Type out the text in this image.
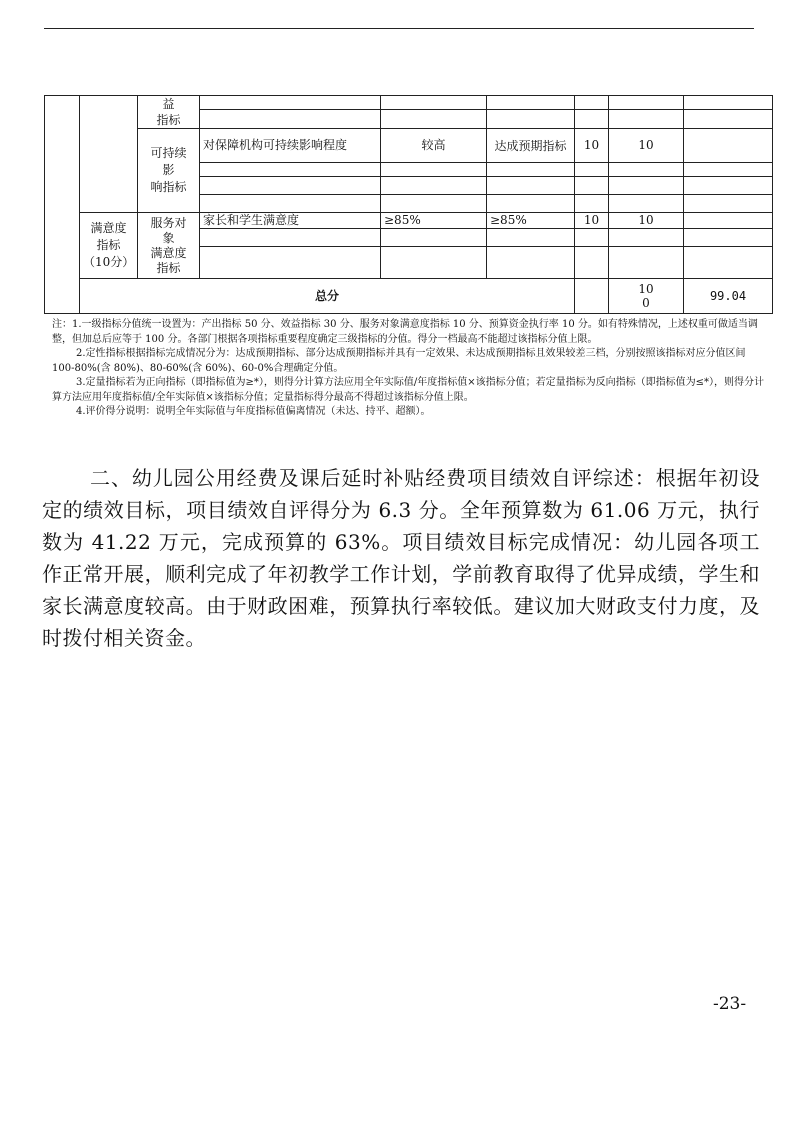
		益
指标							

		可持续
影
响指标	对保障机构可持续影响程度	较高	达成预期指标	10	10		

	满意度
指标
（10分）	服务对
象
满意度
指标	家长和学生满意度	≥85%	≥85%	10	10		

	总分						10
0	99.04	

注：1.一级指标分值统一设置为：产出指标 50 分、效益指标 30 分、服务对象满意度指标 10 分、预算资金执行率 10 分。如有特殊情况，上述权重可做适当调整，但加总后应等于 100 分。各部门根据各项指标重要程度确定三级指标的分值。得分一档最高不能超过该指标分值上限。

2.定性指标根据指标完成情况分为：达成预期指标、部分达成预期指标并具有一定效果、未达成预期指标且效果较差三档，分别按照该指标对应分值区间 100-80%(含 80%)、80-60%(含 60%)、60-0%合理确定分值。

3.定量指标若为正向指标（即指标值为≥*），则得分计算方法应用全年实际值/年度指标值×该指标分值；若定量指标为反向指标（即指标值为≤*），则得分计算方法应用年度指标值/全年实际值×该指标分值；定量指标得分最高不得超过该指标分值上限。

4.评价得分说明：说明全年实际值与年度指标值偏离情况（未达、持平、超额）。

二、幼儿园公用经费及课后延时补贴经费项目绩效自评综述：根据年初设定的绩效目标，项目绩效自评得分为 6.3 分。全年预算数为 61.06 万元，执行数为 41.22 万元，完成预算的 63%。项目绩效目标完成情况：幼儿园各项工作正常开展，顺利完成了年初教学工作计划，学前教育取得了优异成绩，学生和家长满意度较高。由于财政困难，预算执行率较低。建议加大财政支付力度，及时拨付相关资金。
-23-
